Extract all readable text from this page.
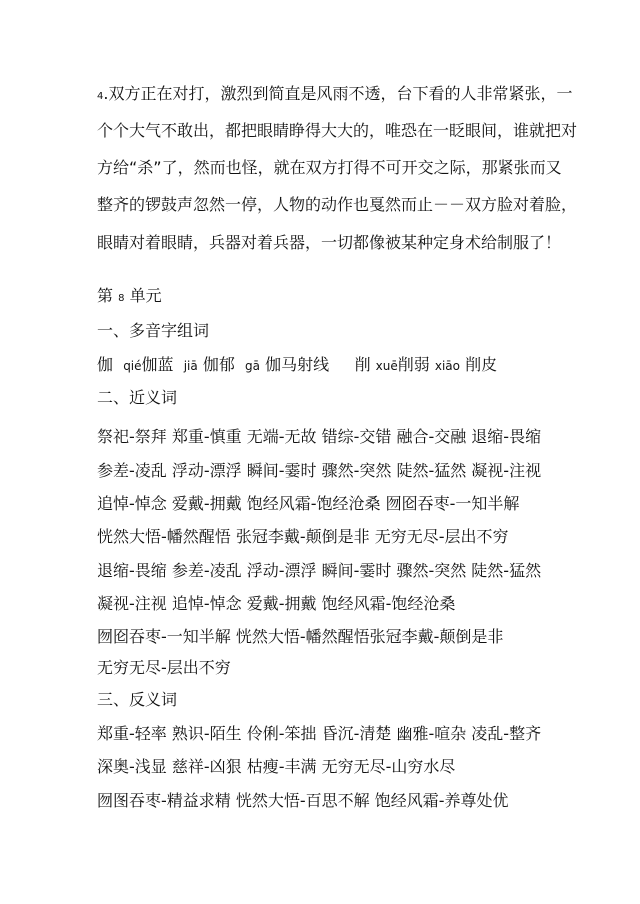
4.双方正在对打，激烈到简直是风雨不透，台下看的人非常紧张，一
个个大气不敢出，都把眼睛睁得大大的，唯恐在一眨眼间，谁就把对
方给“杀”了，然而也怪，就在双方打得不可开交之际，那紧张而又
整齐的锣鼓声忽然一停，人物的动作也戛然而止－－双方脸对着脸，
眼睛对着眼睛，兵器对着兵器，一切都像被某种定身术给制服了！
第 8 单元
一、多音字组词
伽 qié伽蓝 jiā 伽郁 gā 伽马射线 削 xuē削弱 xiāo 削皮
二、近义词
祭祀-祭拜 郑重-慎重 无端-无故 错综-交错 融合-交融 退缩-畏缩
参差-凌乱 浮动-漂浮 瞬间-霎时 骤然-突然 陡然-猛然 凝视-注视
追悼-悼念 爱戴-拥戴 饱经风霜-饱经沧桑 囫囵吞枣-一知半解
恍然大悟-幡然醒悟 张冠李戴-颠倒是非 无穷无尽-层出不穷
退缩-畏缩 参差-凌乱 浮动-漂浮 瞬间-霎时 骤然-突然 陡然-猛然
凝视-注视 追悼-悼念 爱戴-拥戴 饱经风霜-饱经沧桑
囫囵吞枣-一知半解 恍然大悟-幡然醒悟张冠李戴-颠倒是非
无穷无尽-层出不穷
三、反义词
郑重-轻率 熟识-陌生 伶俐-笨拙 昏沉-清楚 幽雅-喧杂 凌乱-整齐
深奥-浅显 慈祥-凶狠 枯瘦-丰满 无穷无尽-山穷水尽
囫图吞枣-精益求精 恍然大悟-百思不解 饱经风霜-养尊处优
